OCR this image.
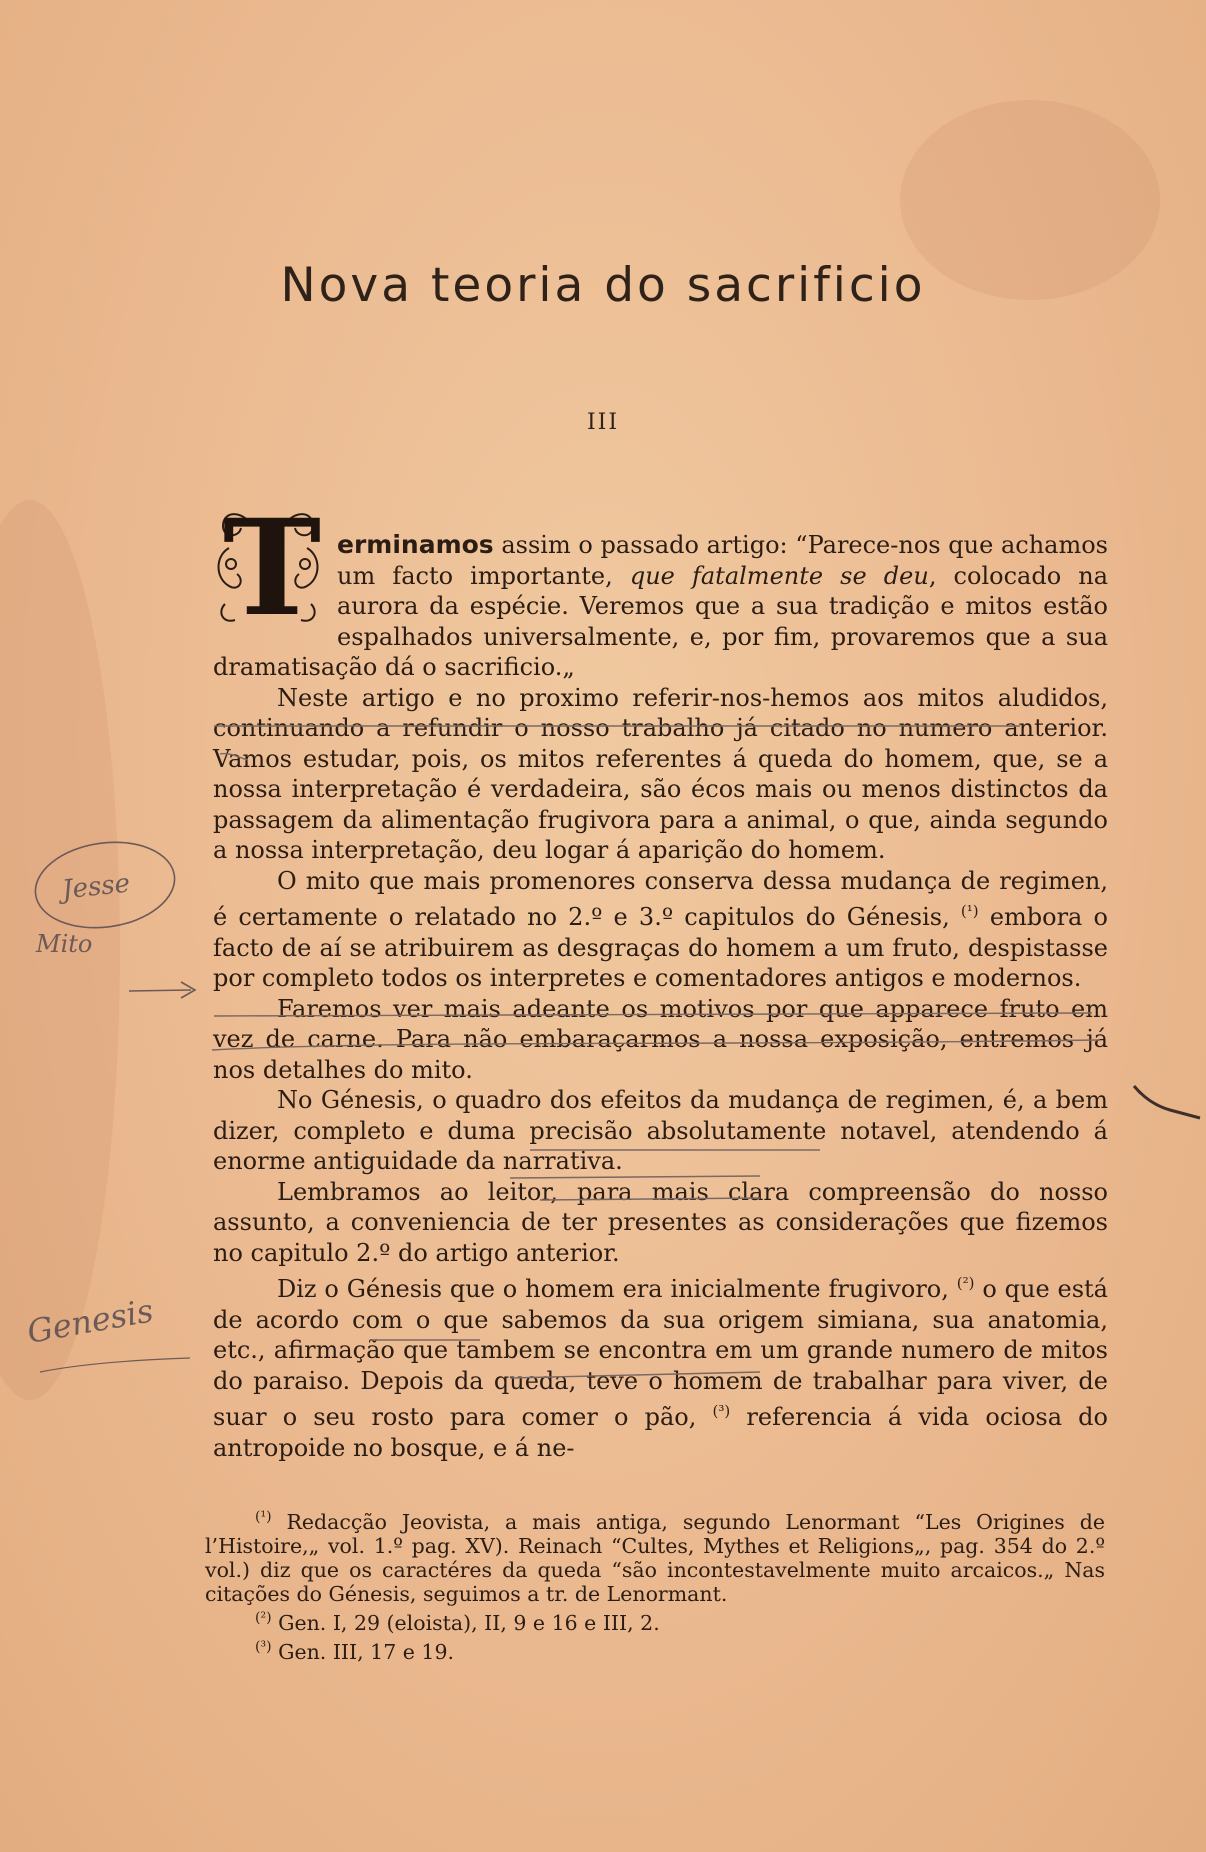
Nova teoria do sacrificio
III

T erminamos assim o passado artigo: “Parece-nos que achamos um facto importante, que fatalmente se deu, colocado na aurora da espécie. Veremos que a sua tradição e mitos estão espalhados universalmente, e, por fim, provaremos que a sua dramatisação dá o sacrificio.„

Neste artigo e no proximo referir-nos-hemos aos mitos aludidos, continuando a refundir o nosso trabalho já citado no numero anterior. Vamos estudar, pois, os mitos referentes á queda do homem, que, se a nossa interpretação é verdadeira, são écos mais ou menos distinctos da passagem da alimentação frugivora para a animal, o que, ainda segundo a nossa interpretação, deu logar á aparição do homem.

O mito que mais promenores conserva dessa mudança de regimen, é certamente o relatado no 2.º e 3.º capitulos do Génesis, $^{(^1)}$ embora o facto de aí se atribuirem as desgraças do homem a um fruto, despistasse por completo todos os interpretes e comentadores antigos e modernos.

Faremos ver mais adeante os motivos por que apparece fruto em vez de carne. Para não embaraçarmos a nossa exposição, entremos já nos detalhes do mito.

No Génesis, o quadro dos efeitos da mudança de regimen, é, a bem dizer, completo e duma precisão absolutamente notavel, atendendo á enorme antiguidade da narrativa.

Lembramos ao leitor, para mais clara compreensão do nosso assunto, a conveniencia de ter presentes as considerações que fizemos no capitulo 2.º do artigo anterior.

Diz o Génesis que o homem era inicialmente frugivoro, $^{(^2)}$ o que está de acordo com o que sabemos da sua origem simiana, sua anatomia, etc., afirmação que tambem se encontra em um grande numero de mitos do paraiso. Depois da queda, teve o homem de trabalhar para viver, de suar o seu rosto para comer o pão, $^{(^3)}$ referencia á vida ociosa do antropoide no bosque, e á ne-

$^{(^1)}$ Redacção Jeovista, a mais antiga, segundo Lenormant “Les Origines de l’Histoire,„ vol. 1.º pag. XV). Reinach “Cultes, Mythes et Religions„, pag. 354 do 2.º vol.) diz que os caractéres da queda “são incontestavelmente muito arcaicos.„ Nas citações do Génesis, seguimos a tr. de Lenormant.

$^{(^2)}$ Gen. I, 29 (eloista), II, 9 e 16 e III, 2.

$^{(^3)}$ Gen. III, 17 e 19.

Jesse
Mito
Genesis
